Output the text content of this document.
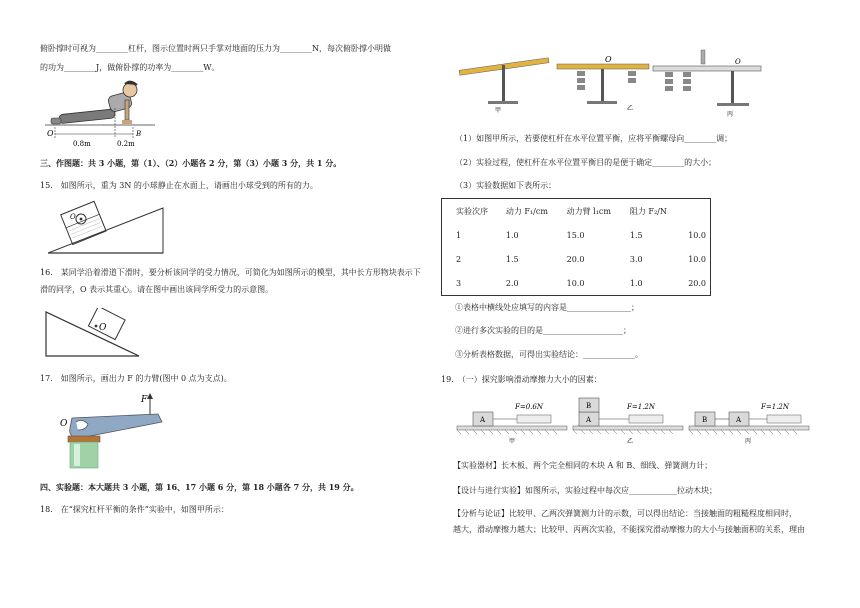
俯卧撑时可视为________杠杆，图示位置时两只手掌对地面的压力为________N，每次俯卧撑小明做
的功为________J，做俯卧撑的功率为________W。
O	B
0.8m	0.2m
三、作图题：共 3 小题，第（1）、（2）小题各 2 分，第（3）小题 3 分，共 1 分。
15.　如图所示，重为 3N 的小球静止在水面上，请画出小球受到的所有的力。
O
16.　某同学沿着滑道下滑时，要分析该同学的受力情况，可简化为如图所示的模型，其中长方形物块表示下
滑的同学，O 表示其重心。请在图中画出该同学所受力的示意图。
O
17.　如图所示，画出力 F 的力臂(图中 0 点为支点)。
F
O
四、实验题：本大题共 3 小题，第 16、17 小题 6 分，第 18 小题各 7 分，共 19 分。
18.　在“探究杠杆平衡的条件”实验中，如图甲所示：
甲
O
乙
O
丙
（1）如图甲所示，若要使杠杆在水平位置平衡，应将平衡螺母向________调；
（2）实验过程，使杠杆在水平位置平衡目的是便于确定________的大小；
（3）实验数据如下表所示：
实验次序	动力 F₁/cm	动力臂 l₁cm	阻力 F₂/N	
1	1.0	15.0	1.5	10.0
2	1.5	20.0	3.0	10.0
3	2.0	10.0	1.0	20.0
①表格中横线处应填写的内容是________________；
②进行多次实验的目的是____________________；
③分析表格数据，可得出实验结论：_____________。
19.　（一）探究影响滑动摩擦力大小的因素：
A
F=0.6N
甲
B
A
F=1.2N
乙
B	A
F=1.2N
丙
【实验器材】长木板、两个完全相同的木块 A 和 B、细线、弹簧测力计；
【设计与进行实验】如图所示，实验过程中每次应____________拉动木块；
【分析与论证】比较甲、乙两次弹簧测力计的示数，可以得出结论：当接触面的粗糙程度相同时，
越大，滑动摩擦力越大；比较甲、丙两次实验，不能探究滑动摩擦力的大小与接触面积的关系，理由
